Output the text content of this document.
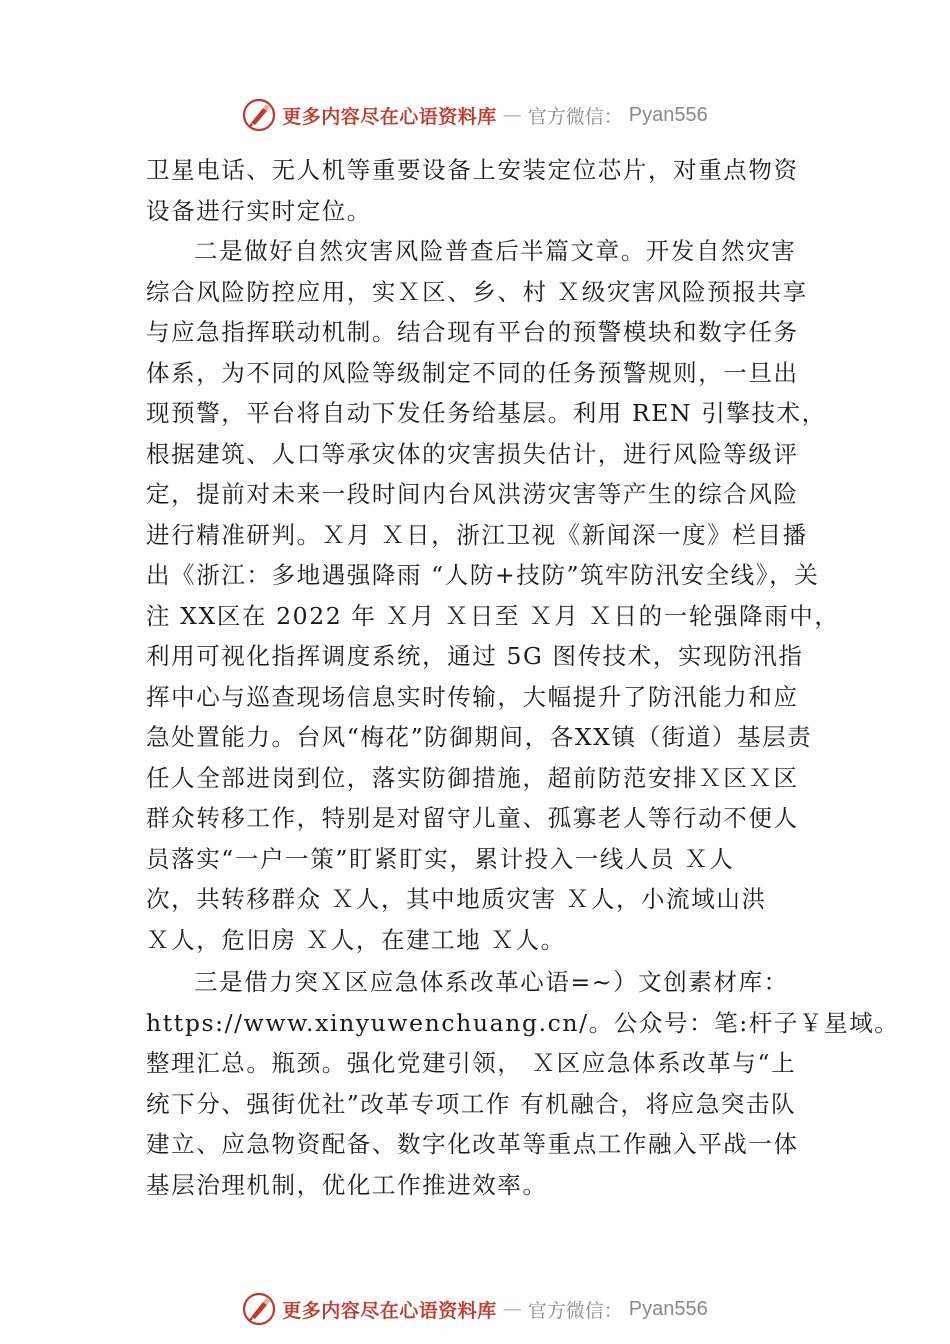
更多内容尽在心语资料库 — 官方微信： Pyan556
卫星电话、无人机等重要设备上安装定位芯片，对重点物资
设备进行实时定位。
二是做好自然灾害风险普查后半篇文章。开发自然灾害
综合风险防控应用，实Ｘ区、乡、村 Ｘ级灾害风险预报共享
与应急指挥联动机制。结合现有平台的预警模块和数字任务
体系，为不同的风险等级制定不同的任务预警规则，一旦出
现预警，平台将自动下发任务给基层。利用 REN 引擎技术，
根据建筑、人口等承灾体的灾害损失估计，进行风险等级评
定，提前对未来一段时间内台风洪涝灾害等产生的综合风险
进行精准研判。Ｘ月 Ｘ日，浙江卫视《新闻深一度》栏目播
出《浙江：多地遇强降雨 “人防+技防”筑牢防汛安全线》，关
注 XX区在 2022 年 Ｘ月 Ｘ日至 Ｘ月 Ｘ日的一轮强降雨中，
利用可视化指挥调度系统，通过 5G 图传技术，实现防汛指
挥中心与巡查现场信息实时传输，大幅提升了防汛能力和应
急处置能力。台风“梅花”防御期间，各XX镇（街道）基层责
任人全部进岗到位，落实防御措施，超前防范安排Ｘ区Ｘ区
群众转移工作，特别是对留守儿童、孤寡老人等行动不便人
员落实“一户一策”盯紧盯实，累计投入一线人员 Ｘ人
次，共转移群众 Ｘ人，其中地质灾害 Ｘ人，小流域山洪
Ｘ人，危旧房 Ｘ人，在建工地 Ｘ人。
三是借力突Ｘ区应急体系改革心语=~）文创素材库：
https://www.xinyuwenchuang.cn/。公众号：笔:杆子￥星域。
整理汇总。瓶颈。强化党建引领， Ｘ区应急体系改革与“上
统下分、强街优社”改革专项工作 有机融合，将应急突击队
建立、应急物资配备、数字化改革等重点工作融入平战一体
基层治理机制，优化工作推进效率。
更多内容尽在心语资料库 — 官方微信： Pyan556
